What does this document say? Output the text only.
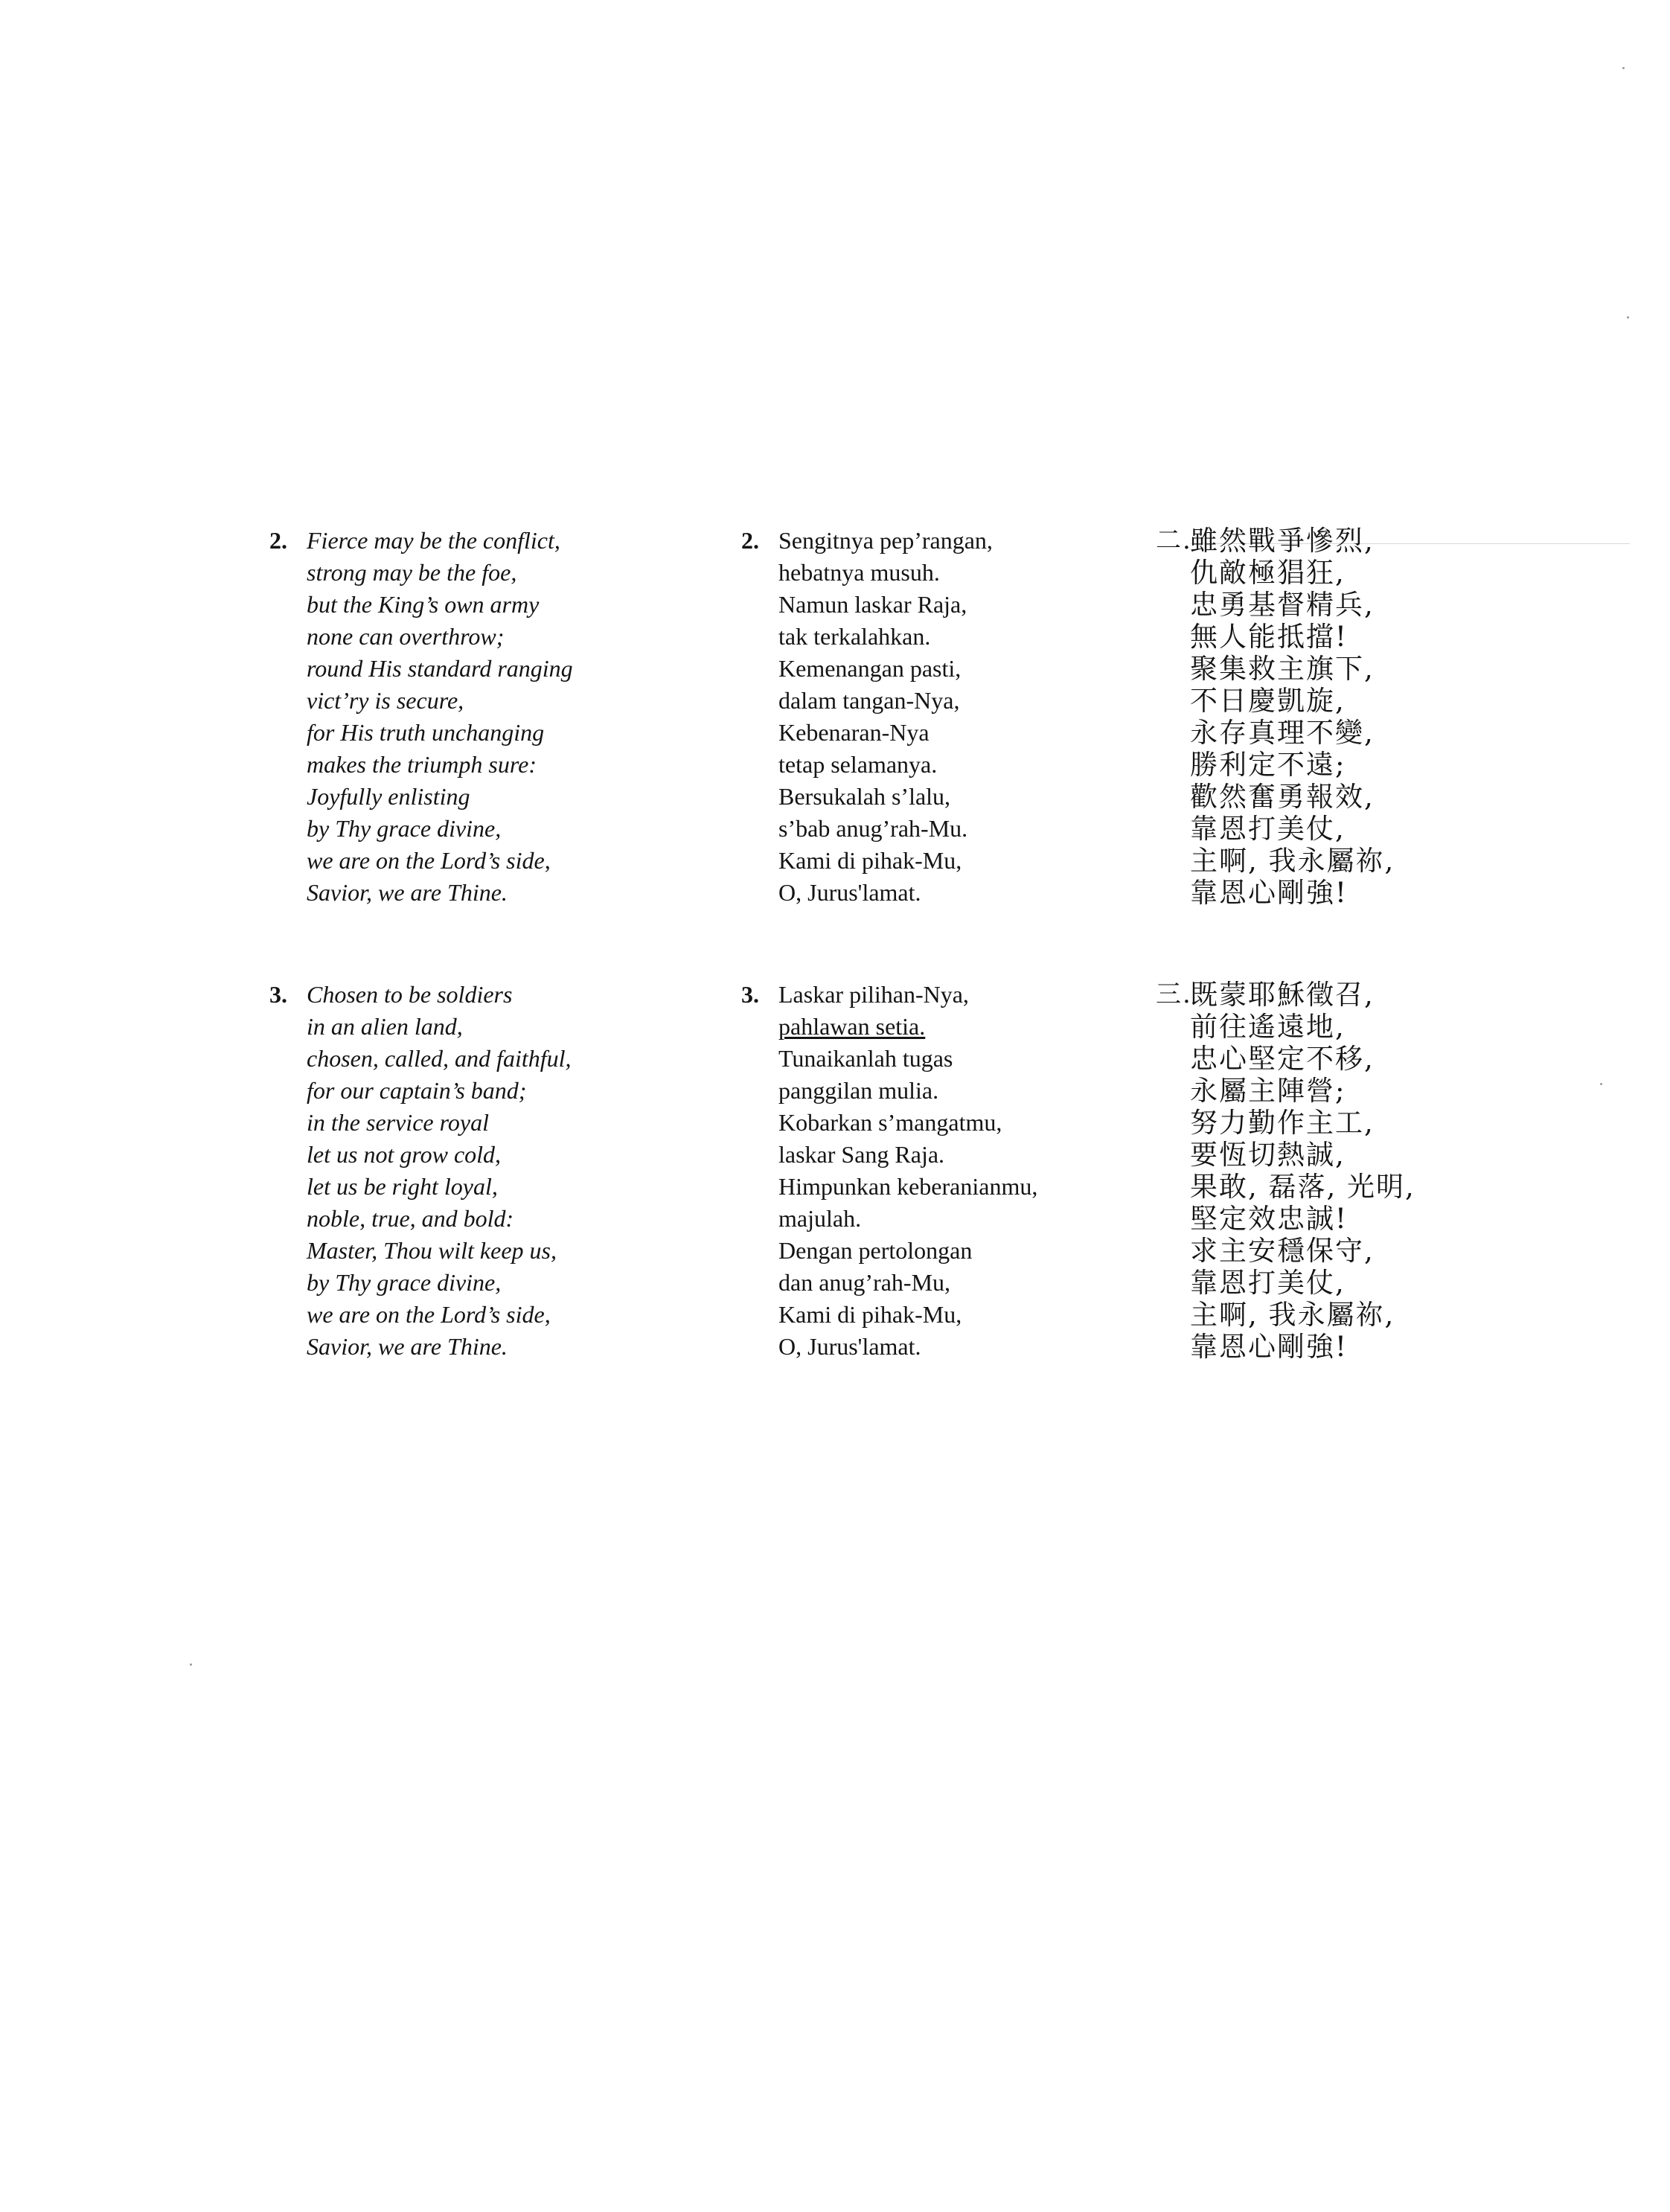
2. Fierce may be the conflict,
strong may be the foe,
but the King’s own army
none can overthrow;
round His standard ranging
vict’ry is secure,
for His truth unchanging
makes the triumph sure:
Joyfully enlisting
by Thy grace divine,
we are on the Lord’s side,
Savior, we are Thine.
3. Chosen to be soldiers
in an alien land,
chosen, called, and faithful,
for our captain’s band;
in the service royal
let us not grow cold,
let us be right loyal,
noble, true, and bold:
Master, Thou wilt keep us,
by Thy grace divine,
we are on the Lord’s side,
Savior, we are Thine.
2. Sengitnya pep’rangan,
hebatnya musuh.
Namun laskar Raja,
tak terkalahkan.
Kemenangan pasti,
dalam tangan-Nya,
Kebenaran-Nya
tetap selamanya.
Bersukalah s’lalu,
s’bab anug’rah-Mu.
Kami di pihak-Mu,
O, Jurus'lamat.
3. Laskar pilihan-Nya,
pahlawan setia.
Tunaikanlah tugas
panggilan mulia.
Kobarkan s’mangatmu,
laskar Sang Raja.
Himpunkan keberanianmu,
majulah.
Dengan pertolongan
dan anug’rah-Mu,
Kami di pihak-Mu,
O, Jurus'lamat.
二.
雖然戰爭慘烈,
仇敵極猖狂,
忠勇基督精兵,
無人能抵擋!
聚集救主旗下,
不日慶凱旋,
永存真理不變,
勝利定不遠;
歡然奮勇報效,
靠恩打美仗,
主啊, 我永屬祢,
靠恩心剛強!
三.
既蒙耶穌徵召,
前往遙遠地,
忠心堅定不移,
永屬主陣營;
努力勤作主工,
要恆切熱誠,
果敢, 磊落, 光明,
堅定效忠誠!
求主安穩保守,
靠恩打美仗,
主啊, 我永屬祢,
靠恩心剛強!
